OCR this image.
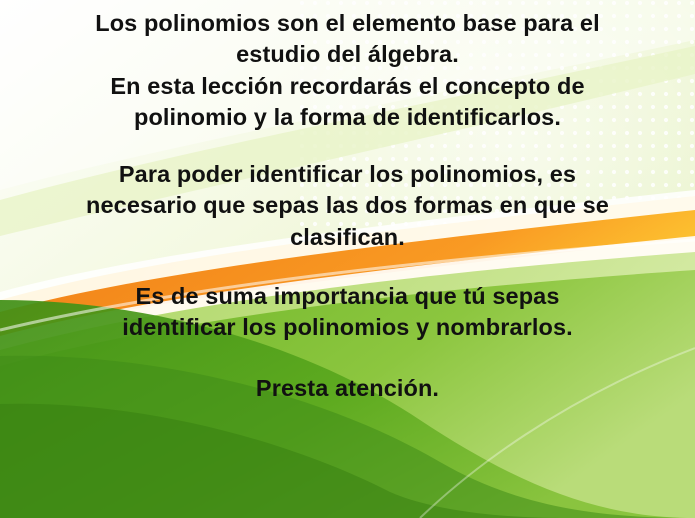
Los polinomios son el elemento base para el
estudio del álgebra.
En esta lección recordarás el concepto de
polinomio y la forma de identificarlos.
Para poder identificar los polinomios, es
necesario que sepas las dos formas en que se
clasifican.
Es de suma importancia que tú sepas
identificar los polinomios y nombrarlos.
Presta atención.
